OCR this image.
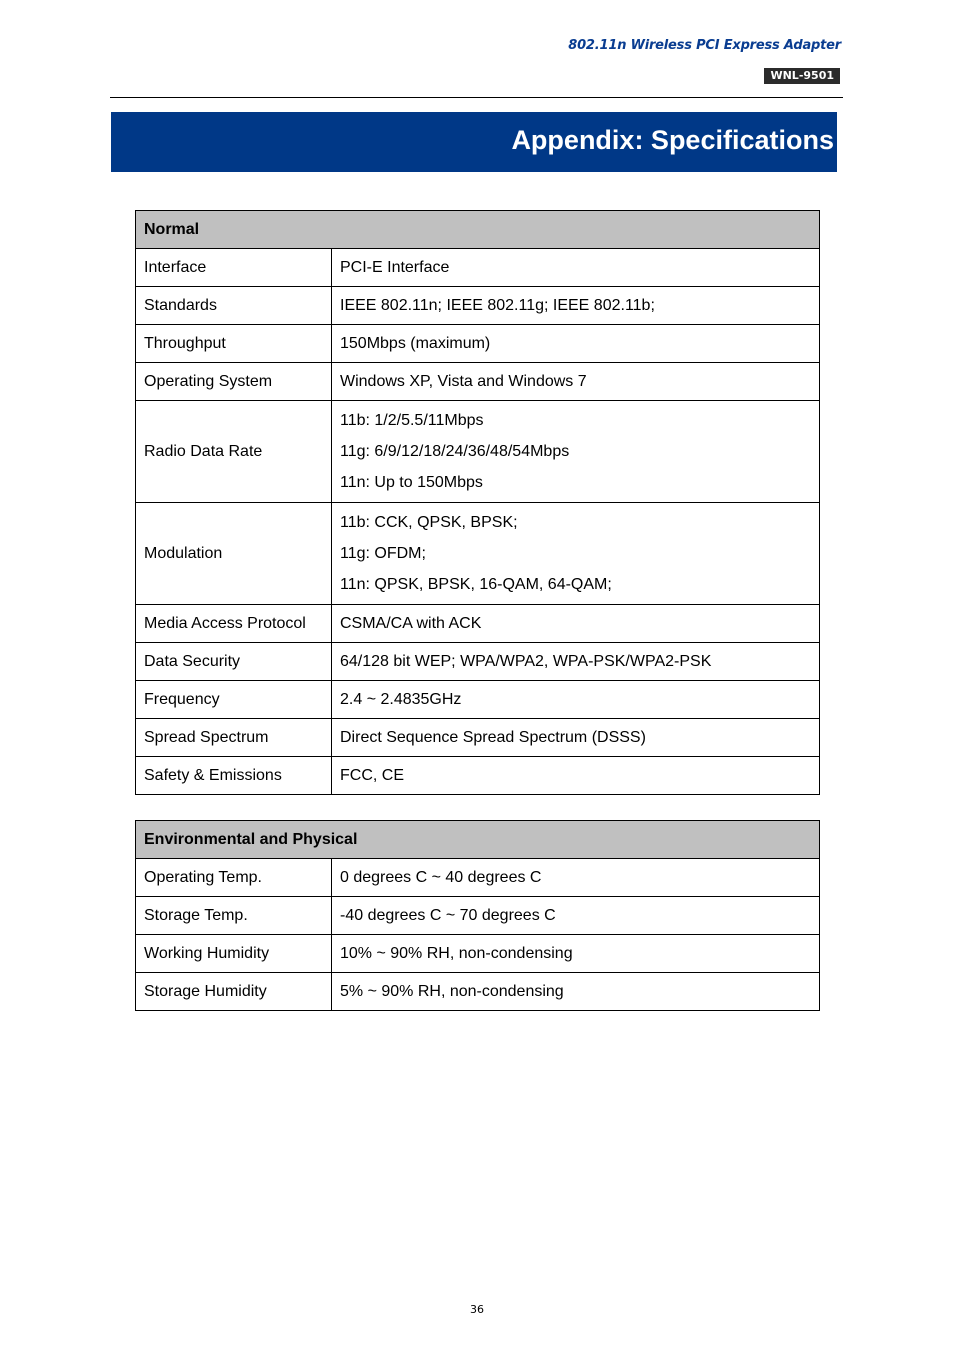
802.11n Wireless PCI Express Adapter
WNL-9501
Appendix: Specifications
Normal	
Interface	PCI-E Interface
Standards	IEEE 802.11n; IEEE 802.11g; IEEE 802.11b;
Throughput	150Mbps (maximum)
Operating System	Windows XP, Vista and Windows 7
Radio Data Rate	11b: 1/2/5.5/11Mbps
11g: 6/9/12/18/24/36/48/54Mbps
11n: Up to 150Mbps

Modulation	11b: CCK, QPSK, BPSK;
11g: OFDM;
11n: QPSK, BPSK, 16-QAM, 64-QAM;

Media Access Protocol	CSMA/CA with ACK
Data Security	64/128 bit WEP; WPA/WPA2, WPA-PSK/WPA2-PSK
Frequency	2.4 ~ 2.4835GHz
Spread Spectrum	Direct Sequence Spread Spectrum (DSSS)
Safety & Emissions	FCC, CE
Environmental and Physical	
Operating Temp.	0 degrees C ~ 40 degrees C
Storage Temp.	-40 degrees C ~ 70 degrees C
Working Humidity	10% ~ 90% RH, non-condensing
Storage Humidity	5% ~ 90% RH, non-condensing
36
